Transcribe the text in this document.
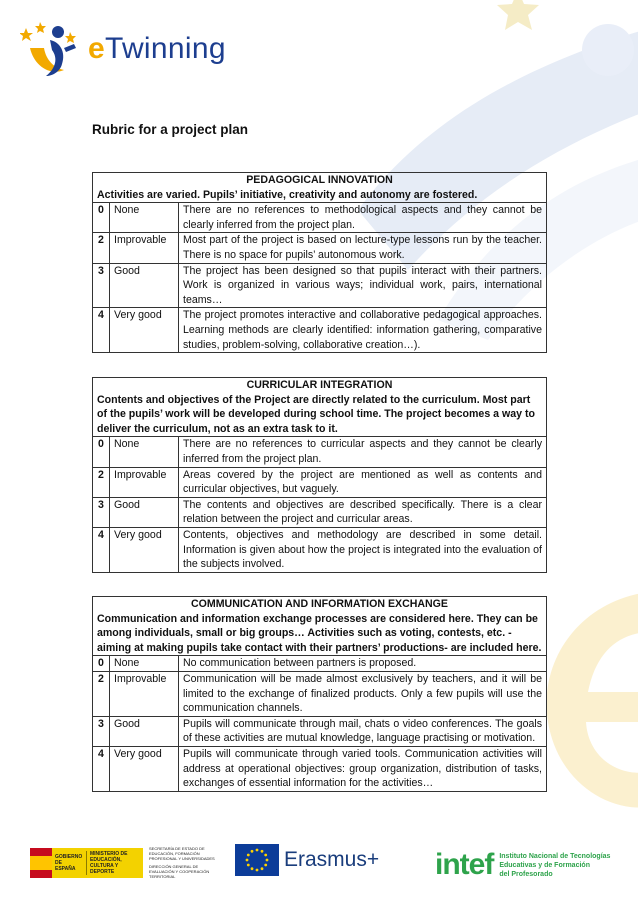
eTwinning
Rubric for a project plan
PEDAGOGICAL INNOVATION
Activities are varied. Pupils’ initiative, creativity and autonomy are fostered.		

0	None	There are no references to methodological aspects and they cannot be clearly inferred from the project plan.
2	Improvable	Most part of the project is based on lecture-type lessons run by the teacher. There is no space for pupils’ autonomous work.
3	Good	The project has been designed so that pupils interact with their partners. Work is organized in various ways; individual work, pairs, international teams…
4	Very good	The project promotes interactive and collaborative pedagogical approaches. Learning methods are clearly identified: information gathering, comparative studies, problem-solving, collaborative creation…).
CURRICULAR INTEGRATION
Contents and objectives of the Project are directly related to the curriculum. Most part of the pupils’ work will be developed during school time. The project becomes a way to deliver the curriculum, not as an extra task to it.		

0	None	There are no references to curricular aspects and they cannot be clearly inferred from the project plan.
2	Improvable	Areas covered by the project are mentioned as well as contents and curricular objectives, but vaguely.
3	Good	The contents and objectives are described specifically. There is a clear relation between the project and curricular areas.
4	Very good	Contents, objectives and methodology are described in some detail. Information is given about how the project is integrated into the evaluation of the subjects involved.
COMMUNICATION AND INFORMATION EXCHANGE
Communication and information exchange processes are considered here. They can be among individuals, small or big groups… Activities such as voting, contests, etc. -aiming at making pupils take contact with their partners’ productions- are included here.		

0	None	No communication between partners is proposed.
2	Improvable	Communication will be made almost exclusively by teachers, and it will be limited to the exchange of finalized products. Only a few pupils will use the communication channels.
3	Good	Pupils will communicate through mail, chats o video conferences. The goals of these activities are mutual knowledge, language practising or motivation.
4	Very good	Pupils will communicate through varied tools. Communication activities will address at operational objectives: group organization, distribution of tasks, exchanges of essential information for the activities…
GOBIERNO DE ESPAÑA
MINISTERIO DE EDUCACIÓN, CULTURA Y DEPORTE
SECRETARÍA DE ESTADO DE EDUCACIÓN, FORMACIÓN PROFESIONAL Y UNIVERSIDADES
DIRECCIÓN GENERAL DE EVALUACIÓN Y COOPERACIÓN TERRITORIAL
Erasmus+ intef Instituto Nacional de Tecnologías
Educativas y de Formación
del Profesorado
